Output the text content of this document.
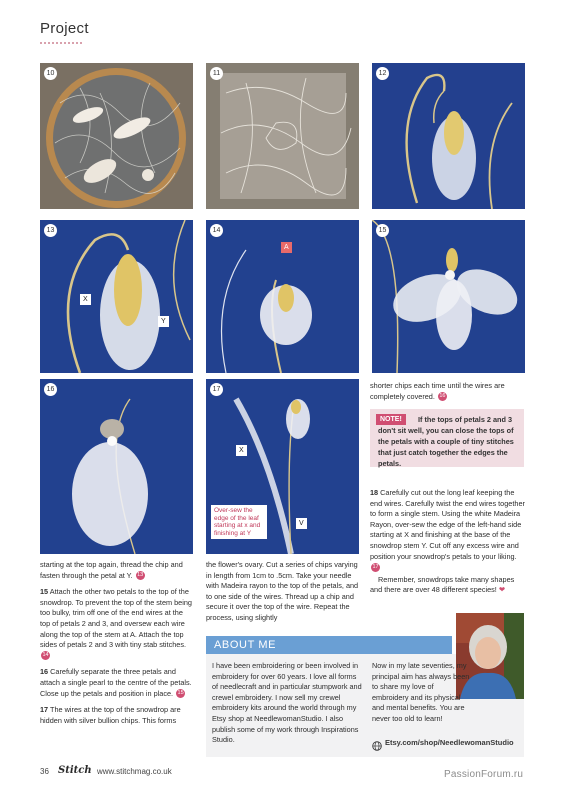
Project
10	11	12
13
X
Y
14
A
15
16	17
X
V
Over-sew the edge of the leaf starting at x and finishing at Y

starting at the top again, thread the chip and fasten through the petal at Y. 13

15 Attach the other two petals to the top of the snowdrop. To prevent the top of the stem being too bulky, trim off one of the end wires at the top of petals 2 and 3, and oversew each wire along the top of the stem at A. Attach the top sides of petals 2 and 3 with tiny stab stitches. 14

16 Carefully separate the three petals and attach a single pearl to the centre of the petals. Close up the petals and position in place. 15

17 The wires at the top of the snowdrop are hidden with silver bullion chips. This forms

the flower's ovary. Cut a series of chips varying in length from 1cm to .5cm. Take your needle with Madeira rayon to the top of the petals, and to one side of the wires. Thread up a chip and secure it over the top of the wire. Repeat the process, using slightly

shorter chips each time until the wires are completely covered. 16

If the tops of petals 2 and 3 don't sit well, you can close the tops of the petals with a couple of tiny stitches that just catch together the edges the petals.
NOTE!

18 Carefully cut out the long leaf keeping the end wires. Carefully twist the end wires together to form a single stem. Using the white Madeira Rayon, over-sew the edge of the left-hand side starting at X and finishing at the base of the snowdrop stem Y. Cut off any excess wire and position your snowdrop's petals to your liking. 17

Remember, snowdrops take many shapes and there are over 48 different species! ❤

ABOUT ME

I have been embroidering or been involved in embroidery for over 60 years. I love all forms of needlecraft and in particular stumpwork and crewel embroidery. I now sell my crewel embroidery kits around the world through my Etsy shop at NeedlewomanStudio. I also publish some of my work through Inspirations Studio.

Now in my late seventies, my principal aim has always been to share my love of embroidery and its physical and mental benefits. You are never too old to learn!

Etsy.com/shop/NeedlewomanStudio
36 Stitch www.stitchmag.co.uk	PassionForum.ru
